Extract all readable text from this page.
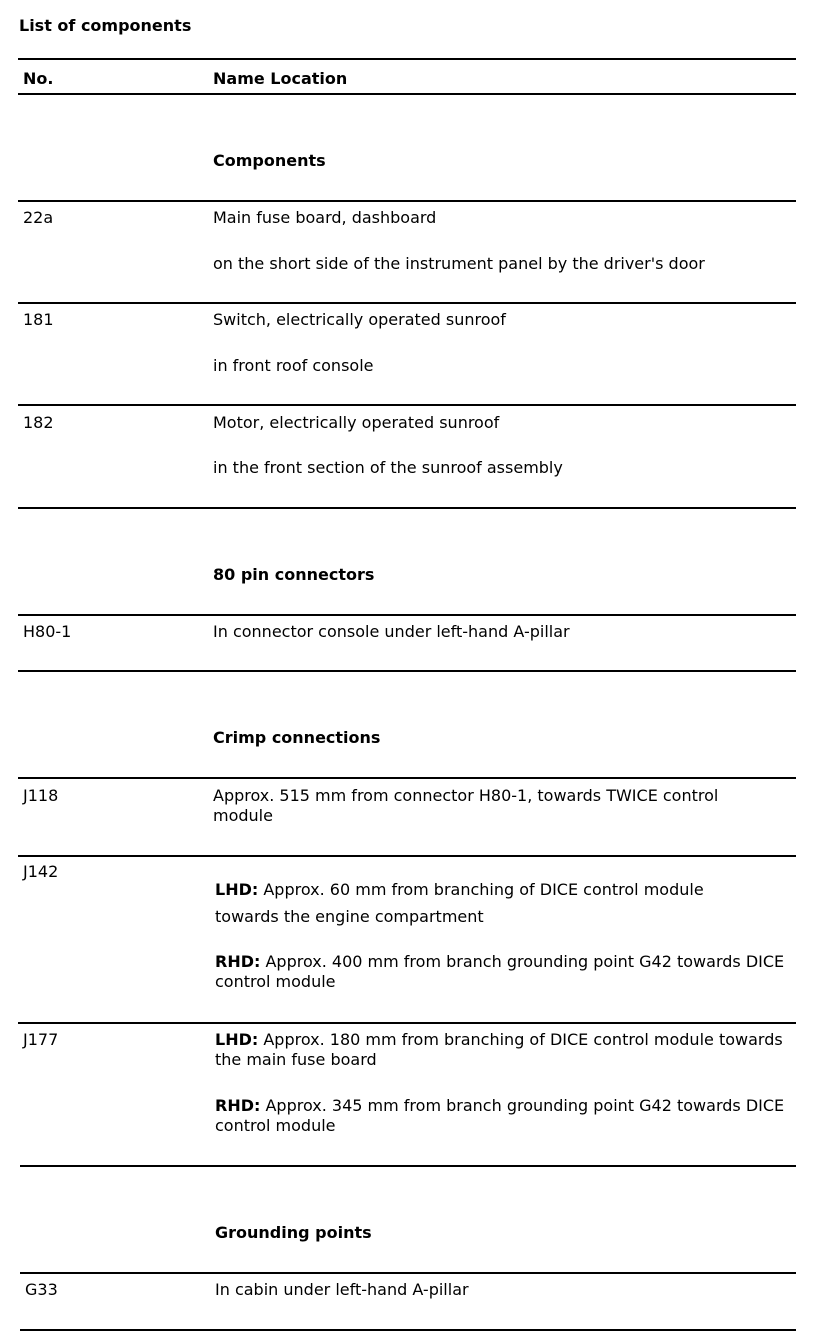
List of components
No.	Name Location
Components
22a	Main fuse board, dashboard
on the short side of the instrument panel by the driver's door
181	Switch, electrically operated sunroof
in front roof console
182	Motor, electrically operated sunroof
in the front section of the sunroof assembly
80 pin connectors
H80-1	In connector console under left-hand A-pillar
Crimp connections
J118	Approx. 515 mm from connector H80-1, towards TWICE control module
J142
LHD: Approx. 60 mm from branching of DICE control module
towards the engine compartment
RHD: Approx. 400 mm from branch grounding point G42 towards DICE control module
J177	LHD: Approx. 180 mm from branching of DICE control module towards the main fuse board
RHD: Approx. 345 mm from branch grounding point G42 towards DICE control module
Grounding points
G33	In cabin under left-hand A-pillar
